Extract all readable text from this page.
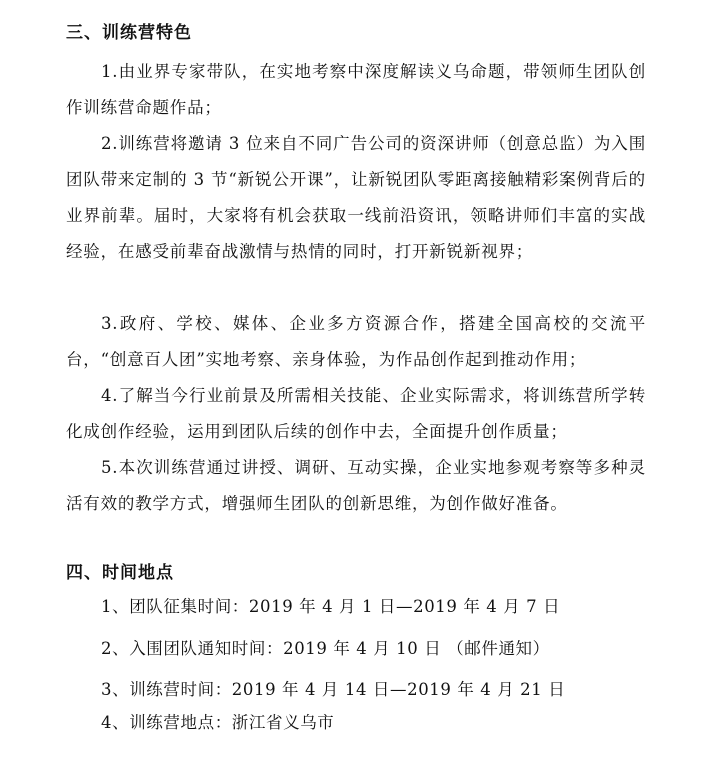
三、训练营特色

1.由业界专家带队，在实地考察中深度解读义乌命题，带领师生团队创作训练营命题作品；

2.训练营将邀请 3 位来自不同广告公司的资深讲师（创意总监）为入围团队带来定制的 3 节“新锐公开课”，让新锐团队零距离接触精彩案例背后的业界前辈。届时，大家将有机会获取一线前沿资讯，领略讲师们丰富的实战经验，在感受前辈奋战激情与热情的同时，打开新锐新视界；

3.政府、学校、媒体、企业多方资源合作，搭建全国高校的交流平台，“创意百人团”实地考察、亲身体验，为作品创作起到推动作用；

4.了解当今行业前景及所需相关技能、企业实际需求，将训练营所学转化成创作经验，运用到团队后续的创作中去，全面提升创作质量；

5.本次训练营通过讲授、调研、互动实操，企业实地参观考察等多种灵活有效的教学方式，增强师生团队的创新思维，为创作做好准备。

四、时间地点
1、团队征集时间：2019 年 4 月 1 日—2019 年 4 月 7 日
2、入围团队通知时间：2019 年 4 月 10 日 （邮件通知）
3、训练营时间：2019 年 4 月 14 日—2019 年 4 月 21 日
4、训练营地点：浙江省义乌市
